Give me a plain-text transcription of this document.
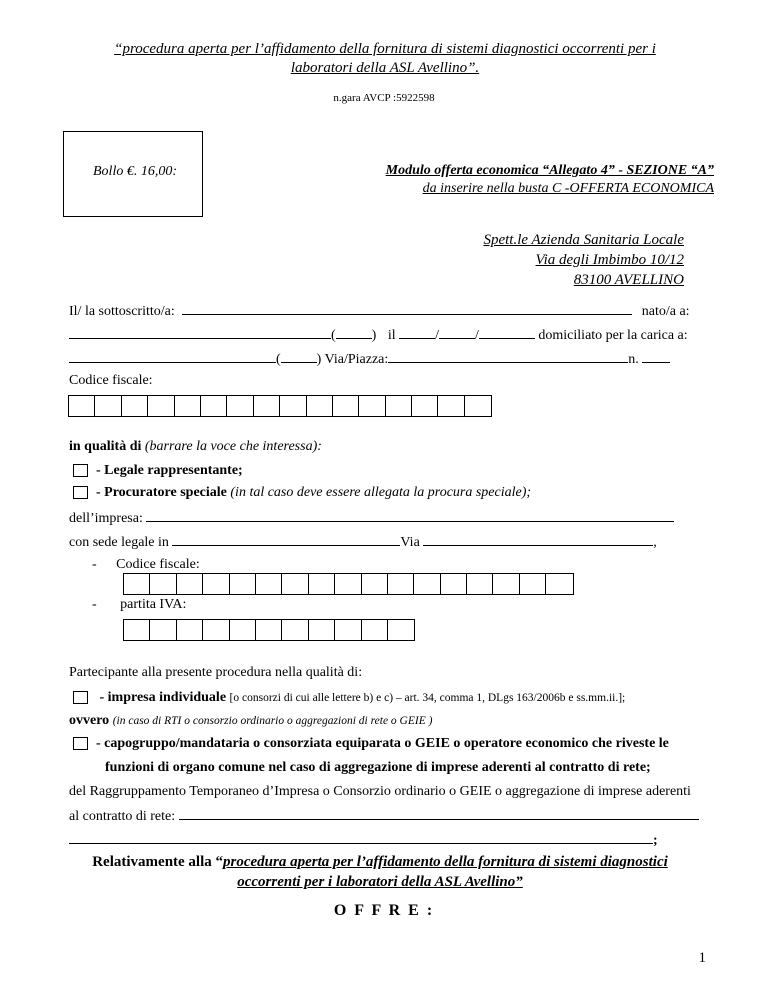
“procedura aperta per l’affidamento della fornitura di sistemi diagnostici occorrenti per i
laboratori della ASL Avellino”.
n.gara AVCP :5922598
Bollo €. 16,00:	Modulo offerta economica “Allegato 4” - SEZIONE “A”
da inserire nella busta C -OFFERTA ECONOMICA
Spett.le Azienda Sanitaria Locale
Via degli Imbimbo 10/12
83100 AVELLINO
Il/ la sottoscritto/a:	nato/a a:
(	) il	/	/	domiciliato per la carica a:
(	) Via/Piazza:	n.
Codice fiscale:
in qualità di (barrare la voce che interessa):
- Legale rappresentante;
- Procuratore speciale (in tal caso deve essere allegata la procura speciale);
dell’impresa:
con sede legale in	Via	,
- Codice fiscale:
- partita IVA:
Partecipante alla presente procedura nella qualità di:
- impresa individuale [o consorzi di cui alle lettere b) e c) – art. 34, comma 1, DLgs 163/2006b e ss.mm.ii.];
ovvero (in caso di RTI o consorzio ordinario o aggregazioni di rete o GEIE )
- capogruppo/mandataria o consorziata equiparata o GEIE o operatore economico che riveste le
funzioni di organo comune nel caso di aggregazione di imprese aderenti al contratto di rete;
del Raggruppamento Temporaneo d’Impresa o Consorzio ordinario o GEIE o aggregazione di imprese aderenti
al contratto di rete:
;
Relativamente alla “procedura aperta per l’affidamento della fornitura di sistemi diagnostici
occorrenti per i laboratori della ASL Avellino”
O F F R E :
1
